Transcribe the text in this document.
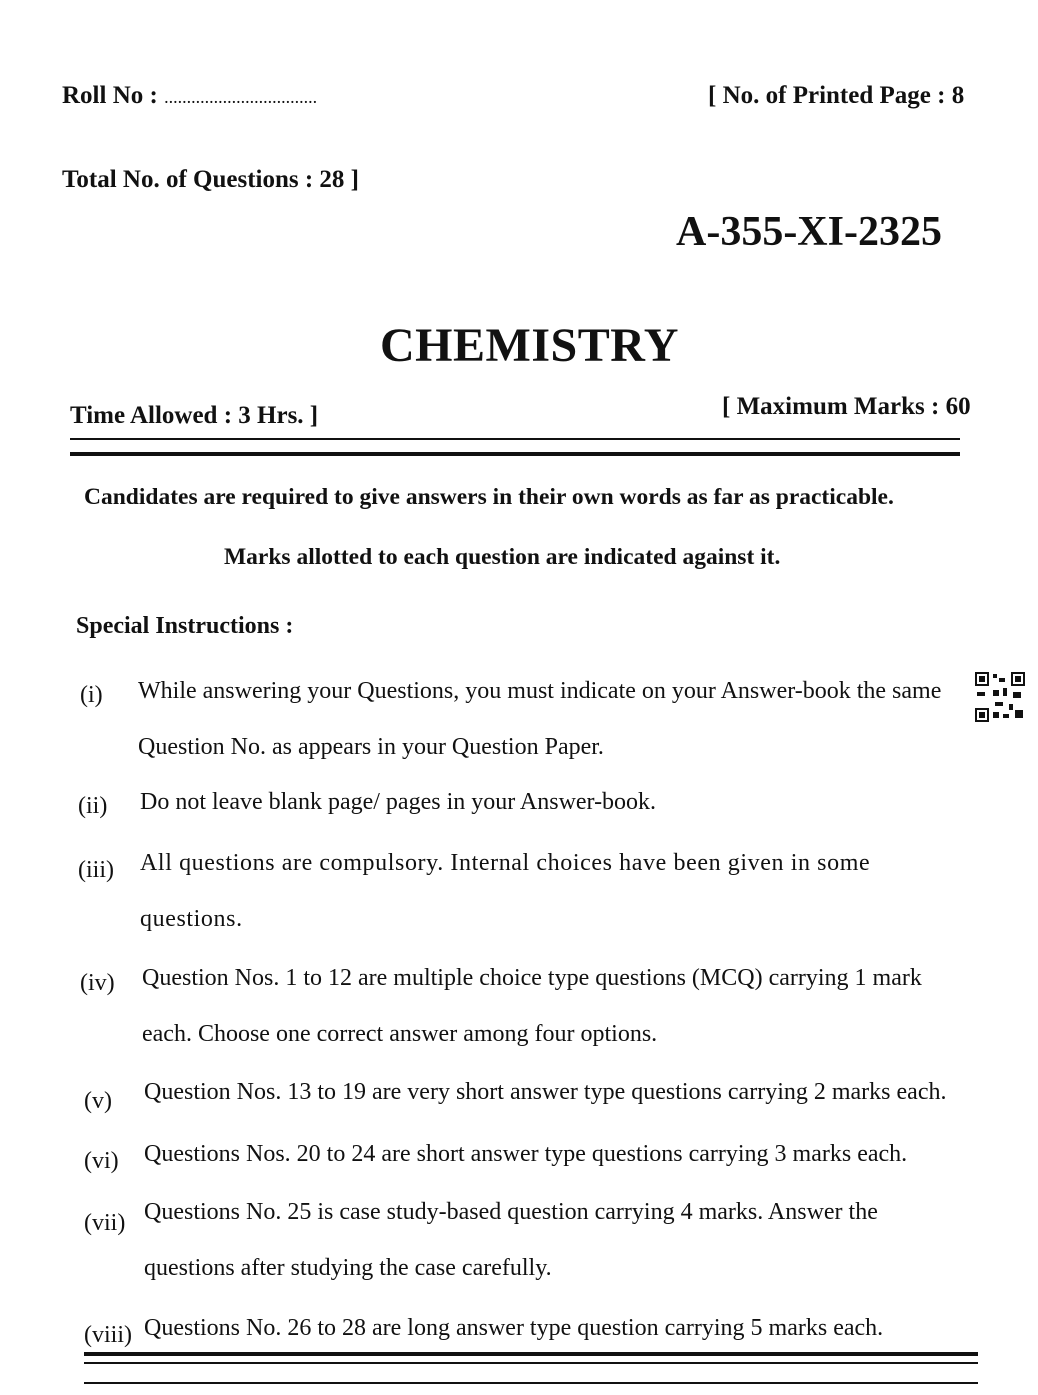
Roll No : ..................................	[ No. of Printed Page : 8
Total No. of Questions : 28 ]
A-355-XI-2325
CHEMISTRY
Time Allowed : 3 Hrs. ]	[ Maximum Marks : 60
Candidates are required to give answers in their own words as far as practicable.
Marks allotted to each question are indicated against it.
Special Instructions :
(i) While answering your Questions, you must indicate on your Answer-book the same Question No. as appears in your Question Paper.
(ii) Do not leave blank page/ pages in your Answer-book.
(iii) All questions are compulsory. Internal choices have been given in some questions.
(iv) Question Nos. 1 to 12 are multiple choice type questions (MCQ) carrying 1 mark each. Choose one correct answer among four options.
(v) Question Nos. 13 to 19 are very short answer type questions carrying 2 marks each.
(vi) Questions Nos. 20 to 24 are short answer type questions carrying 3 marks each.
(vii) Questions No. 25 is case study-based question carrying 4 marks. Answer the questions after studying the case carefully.
(viii) Questions No. 26 to 28 are long answer type question carrying 5 marks each.
